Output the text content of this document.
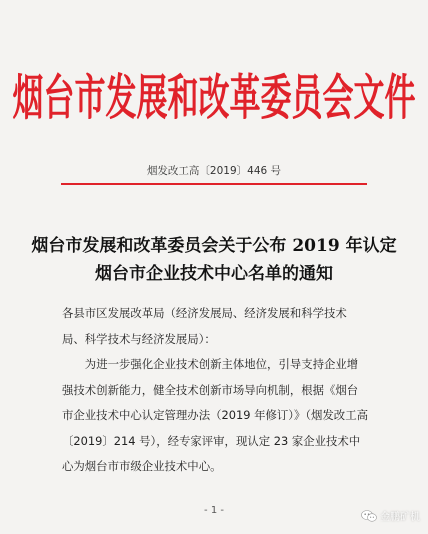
烟台市发展和改革委员会文件
烟发改工高〔2019〕446 号
烟台市发展和改革委员会关于公布 2019 年认定
烟台市企业技术中心名单的通知

各县市区发展改革局（经济发展局、经济发展和科学技术局、科学技术与经济发展局）：

为进一步强化企业技术创新主体地位，引导支持企业增强技术创新能力，健全技术创新市场导向机制，根据《烟台市企业技术中心认定管理办法（2019 年修订）》（烟发改工高〔2019〕214 号），经专家评审，现认定 23 家企业技术中心为烟台市市级企业技术中心。

- 1 -
金鹏矿机
